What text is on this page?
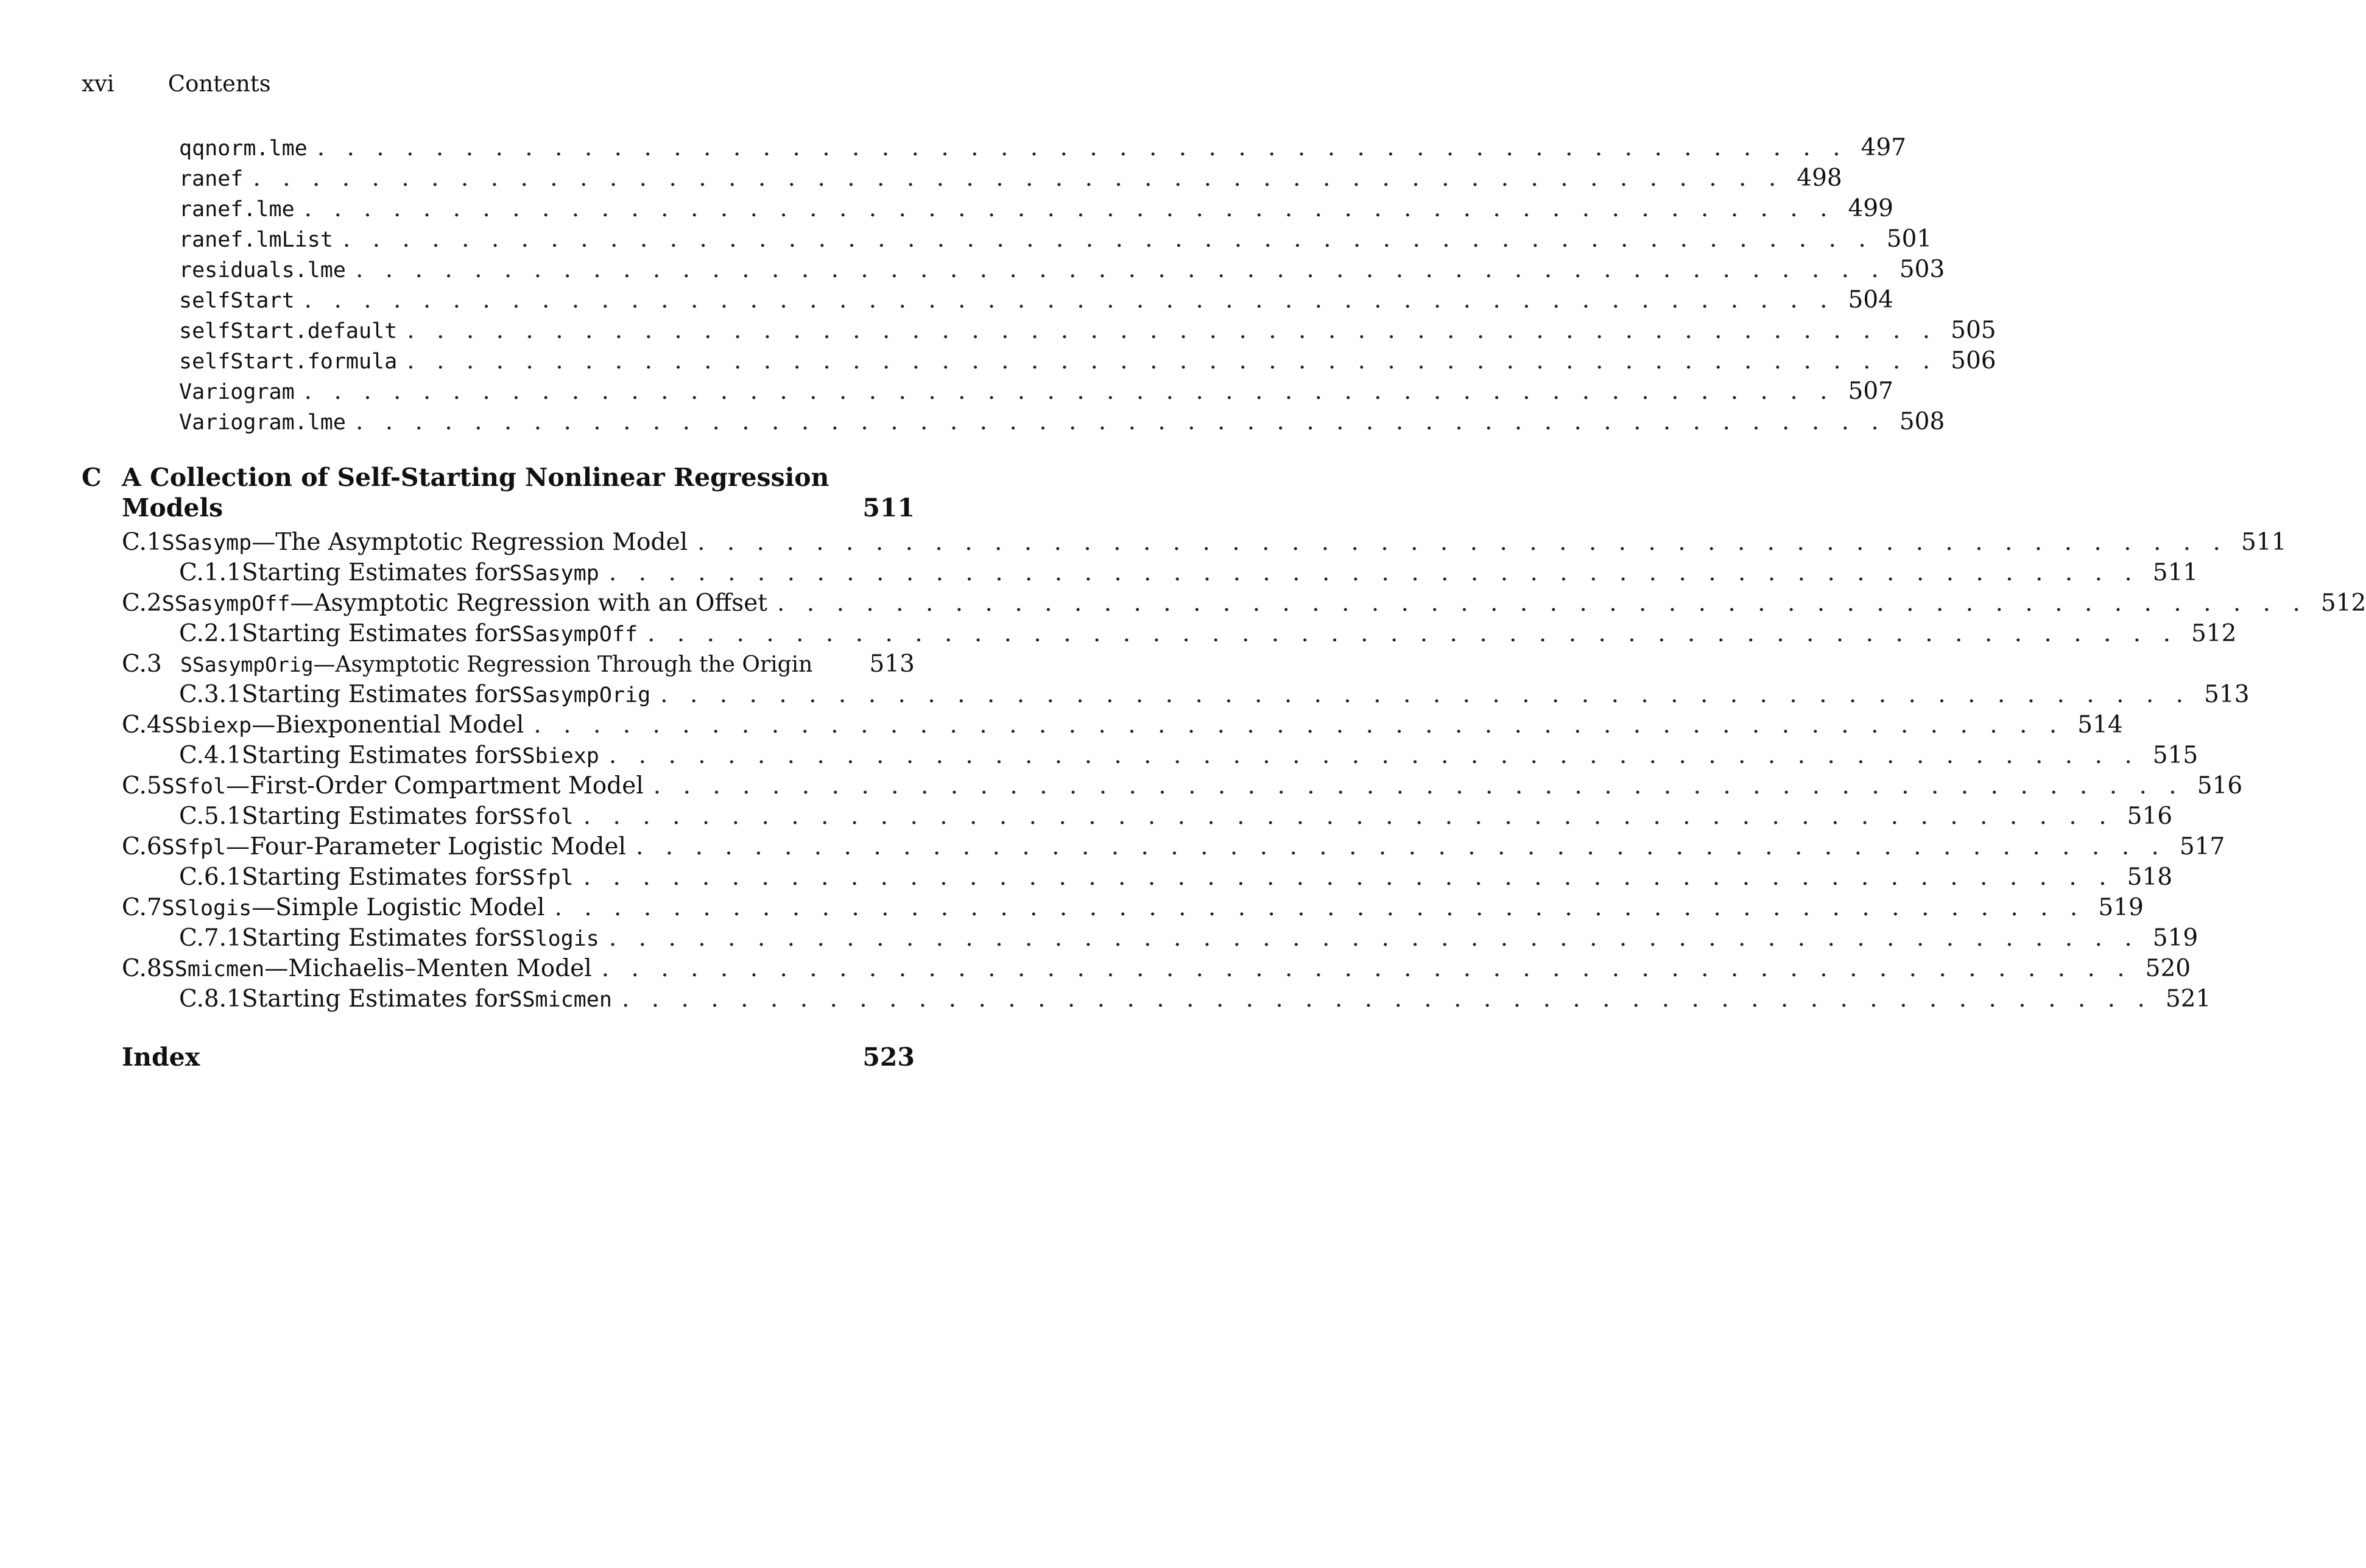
xvi Contents
qqnorm.lme . . . . . . . . . . . . . . . . . . . . . . . . . . . . . . . . . . . . . . . . . . . . . . . . . . . . 497
ranef . . . . . . . . . . . . . . . . . . . . . . . . . . . . . . . . . . . . . . . . . . . . . . . . . . . . 498
ranef.lme . . . . . . . . . . . . . . . . . . . . . . . . . . . . . . . . . . . . . . . . . . . . . . . . . . . . 499
ranef.lmList . . . . . . . . . . . . . . . . . . . . . . . . . . . . . . . . . . . . . . . . . . . . . . . . . . . . 501
residuals.lme . . . . . . . . . . . . . . . . . . . . . . . . . . . . . . . . . . . . . . . . . . . . . . . . . . . . 503
selfStart . . . . . . . . . . . . . . . . . . . . . . . . . . . . . . . . . . . . . . . . . . . . . . . . . . . . 504
selfStart.default . . . . . . . . . . . . . . . . . . . . . . . . . . . . . . . . . . . . . . . . . . . . . . . . . . . . 505
selfStart.formula . . . . . . . . . . . . . . . . . . . . . . . . . . . . . . . . . . . . . . . . . . . . . . . . . . . . 506
Variogram . . . . . . . . . . . . . . . . . . . . . . . . . . . . . . . . . . . . . . . . . . . . . . . . . . . . 507
Variogram.lme . . . . . . . . . . . . . . . . . . . . . . . . . . . . . . . . . . . . . . . . . . . . . . . . . . . . 508
C A Collection of Self-Starting Nonlinear Regression
Models	511
C.1 SSasymp —The Asymptotic Regression Model . . . . . . . . . . . . . . . . . . . . . . . . . . . . . . . . . . . . . . . . . . . . . . . . . . . . 511
C.1.1 Starting Estimates for SSasymp . . . . . . . . . . . . . . . . . . . . . . . . . . . . . . . . . . . . . . . . . . . . . . . . . . . . 511
C.2 SSasympOff —Asymptotic Regression with an Offset . . . . . . . . . . . . . . . . . . . . . . . . . . . . . . . . . . . . . . . . . . . . . . . . . . . . 512
C.2.1 Starting Estimates for SSasympOff . . . . . . . . . . . . . . . . . . . . . . . . . . . . . . . . . . . . . . . . . . . . . . . . . . . . 512
C.3 SSasympOrig —Asymptotic Regression Through the Origin 513
C.3.1 Starting Estimates for SSasympOrig . . . . . . . . . . . . . . . . . . . . . . . . . . . . . . . . . . . . . . . . . . . . . . . . . . . . 513
C.4 SSbiexp —Biexponential Model . . . . . . . . . . . . . . . . . . . . . . . . . . . . . . . . . . . . . . . . . . . . . . . . . . . . 514
C.4.1 Starting Estimates for SSbiexp . . . . . . . . . . . . . . . . . . . . . . . . . . . . . . . . . . . . . . . . . . . . . . . . . . . . 515
C.5 SSfol —First-Order Compartment Model . . . . . . . . . . . . . . . . . . . . . . . . . . . . . . . . . . . . . . . . . . . . . . . . . . . . 516
C.5.1 Starting Estimates for SSfol . . . . . . . . . . . . . . . . . . . . . . . . . . . . . . . . . . . . . . . . . . . . . . . . . . . . 516
C.6 SSfpl —Four-Parameter Logistic Model . . . . . . . . . . . . . . . . . . . . . . . . . . . . . . . . . . . . . . . . . . . . . . . . . . . . 517
C.6.1 Starting Estimates for SSfpl . . . . . . . . . . . . . . . . . . . . . . . . . . . . . . . . . . . . . . . . . . . . . . . . . . . . 518
C.7 SSlogis —Simple Logistic Model . . . . . . . . . . . . . . . . . . . . . . . . . . . . . . . . . . . . . . . . . . . . . . . . . . . . 519
C.7.1 Starting Estimates for SSlogis . . . . . . . . . . . . . . . . . . . . . . . . . . . . . . . . . . . . . . . . . . . . . . . . . . . . 519
C.8 SSmicmen —Michaelis–Menten Model . . . . . . . . . . . . . . . . . . . . . . . . . . . . . . . . . . . . . . . . . . . . . . . . . . . . 520
C.8.1 Starting Estimates for SSmicmen . . . . . . . . . . . . . . . . . . . . . . . . . . . . . . . . . . . . . . . . . . . . . . . . . . . . 521
Index	523
